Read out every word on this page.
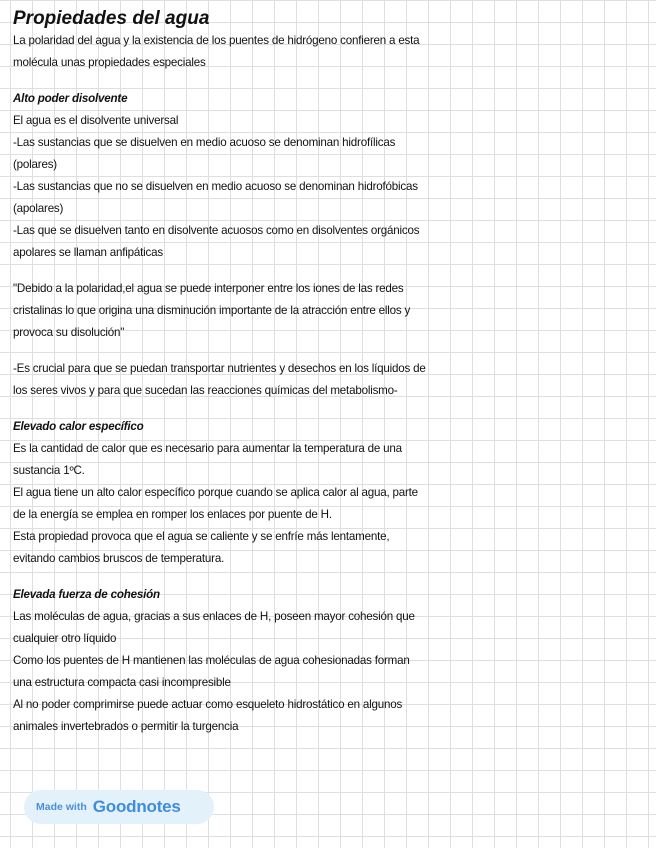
Propiedades del agua

La polaridad del agua y la existencia de los puentes de hidrógeno confieren a esta

molécula unas propiedades especiales

Alto poder disolvente

El agua es el disolvente universal

-Las sustancias que se disuelven en medio acuoso se denominan hidrofílicas

(polares)

-Las sustancias que no se disuelven en medio acuoso se denominan hidrofóbicas

(apolares)

-Las que se disuelven tanto en disolvente acuosos como en disolventes orgánicos

apolares se llaman anfipáticas

"Debido a la polaridad,el agua se puede interponer entre los iones de las redes

cristalinas lo que origina una disminución importante de la atracción entre ellos y

provoca su disolución"

-Es crucial para que se puedan transportar nutrientes y desechos en los líquidos de

los seres vivos y para que sucedan las reacciones químicas del metabolismo-

Elevado calor específico

Es la cantidad de calor que es necesario para aumentar la temperatura de una

sustancia 1ºC.

El agua tiene un alto calor específico porque cuando se aplica calor al agua, parte

de la energía se emplea en romper los enlaces por puente de H.

Esta propiedad provoca que el agua se caliente y se enfríe más lentamente,

evitando cambios bruscos de temperatura.

Elevada fuerza de cohesión

Las moléculas de agua, gracias a sus enlaces de H, poseen mayor cohesión que

cualquier otro líquido

Como los puentes de H mantienen las moléculas de agua cohesionadas forman

una estructura compacta casi incompresible

Al no poder comprimirse puede actuar como esqueleto hidrostático en algunos

animales invertebrados o permitir la turgencia

Made with Goodnotes
